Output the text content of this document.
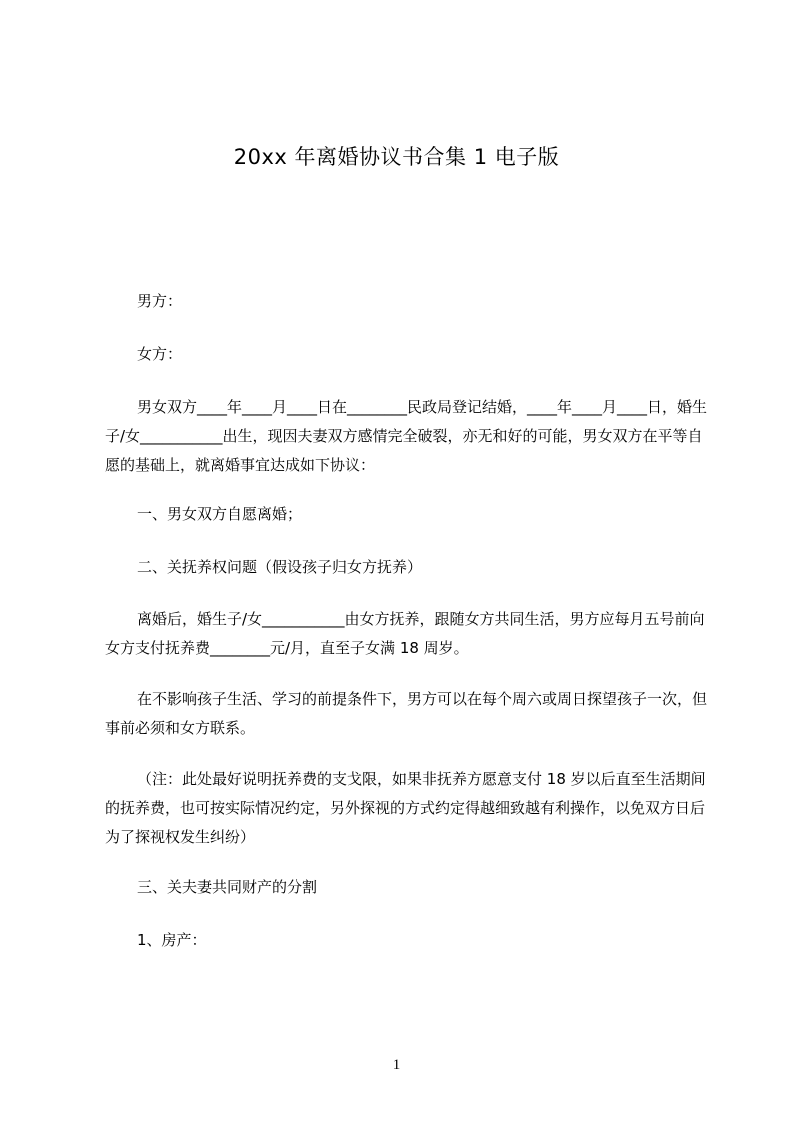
20xx 年离婚协议书合集 1 电子版
男方：
女方：
男女双方____年____月____日在________民政局登记结婚，____年____月____日，婚生子/女___________出生，现因夫妻双方感情完全破裂，亦无和好的可能，男女双方在平等自愿的基础上，就离婚事宜达成如下协议：
一、男女双方自愿离婚；
二、关抚养权问题（假设孩子归女方抚养）
离婚后，婚生子/女___________由女方抚养，跟随女方共同生活，男方应每月五号前向女方支付抚养费________元/月，直至子女满 18 周岁。
在不影响孩子生活、学习的前提条件下，男方可以在每个周六或周日探望孩子一次，但事前必须和女方联系。
（注：此处最好说明抚养费的支戈限，如果非抚养方愿意支付 18 岁以后直至生活期间的抚养费，也可按实际情况约定，另外探视的方式约定得越细致越有利操作，以免双方日后为了探视权发生纠纷）
三、关夫妻共同财产的分割
1、房产：
1
